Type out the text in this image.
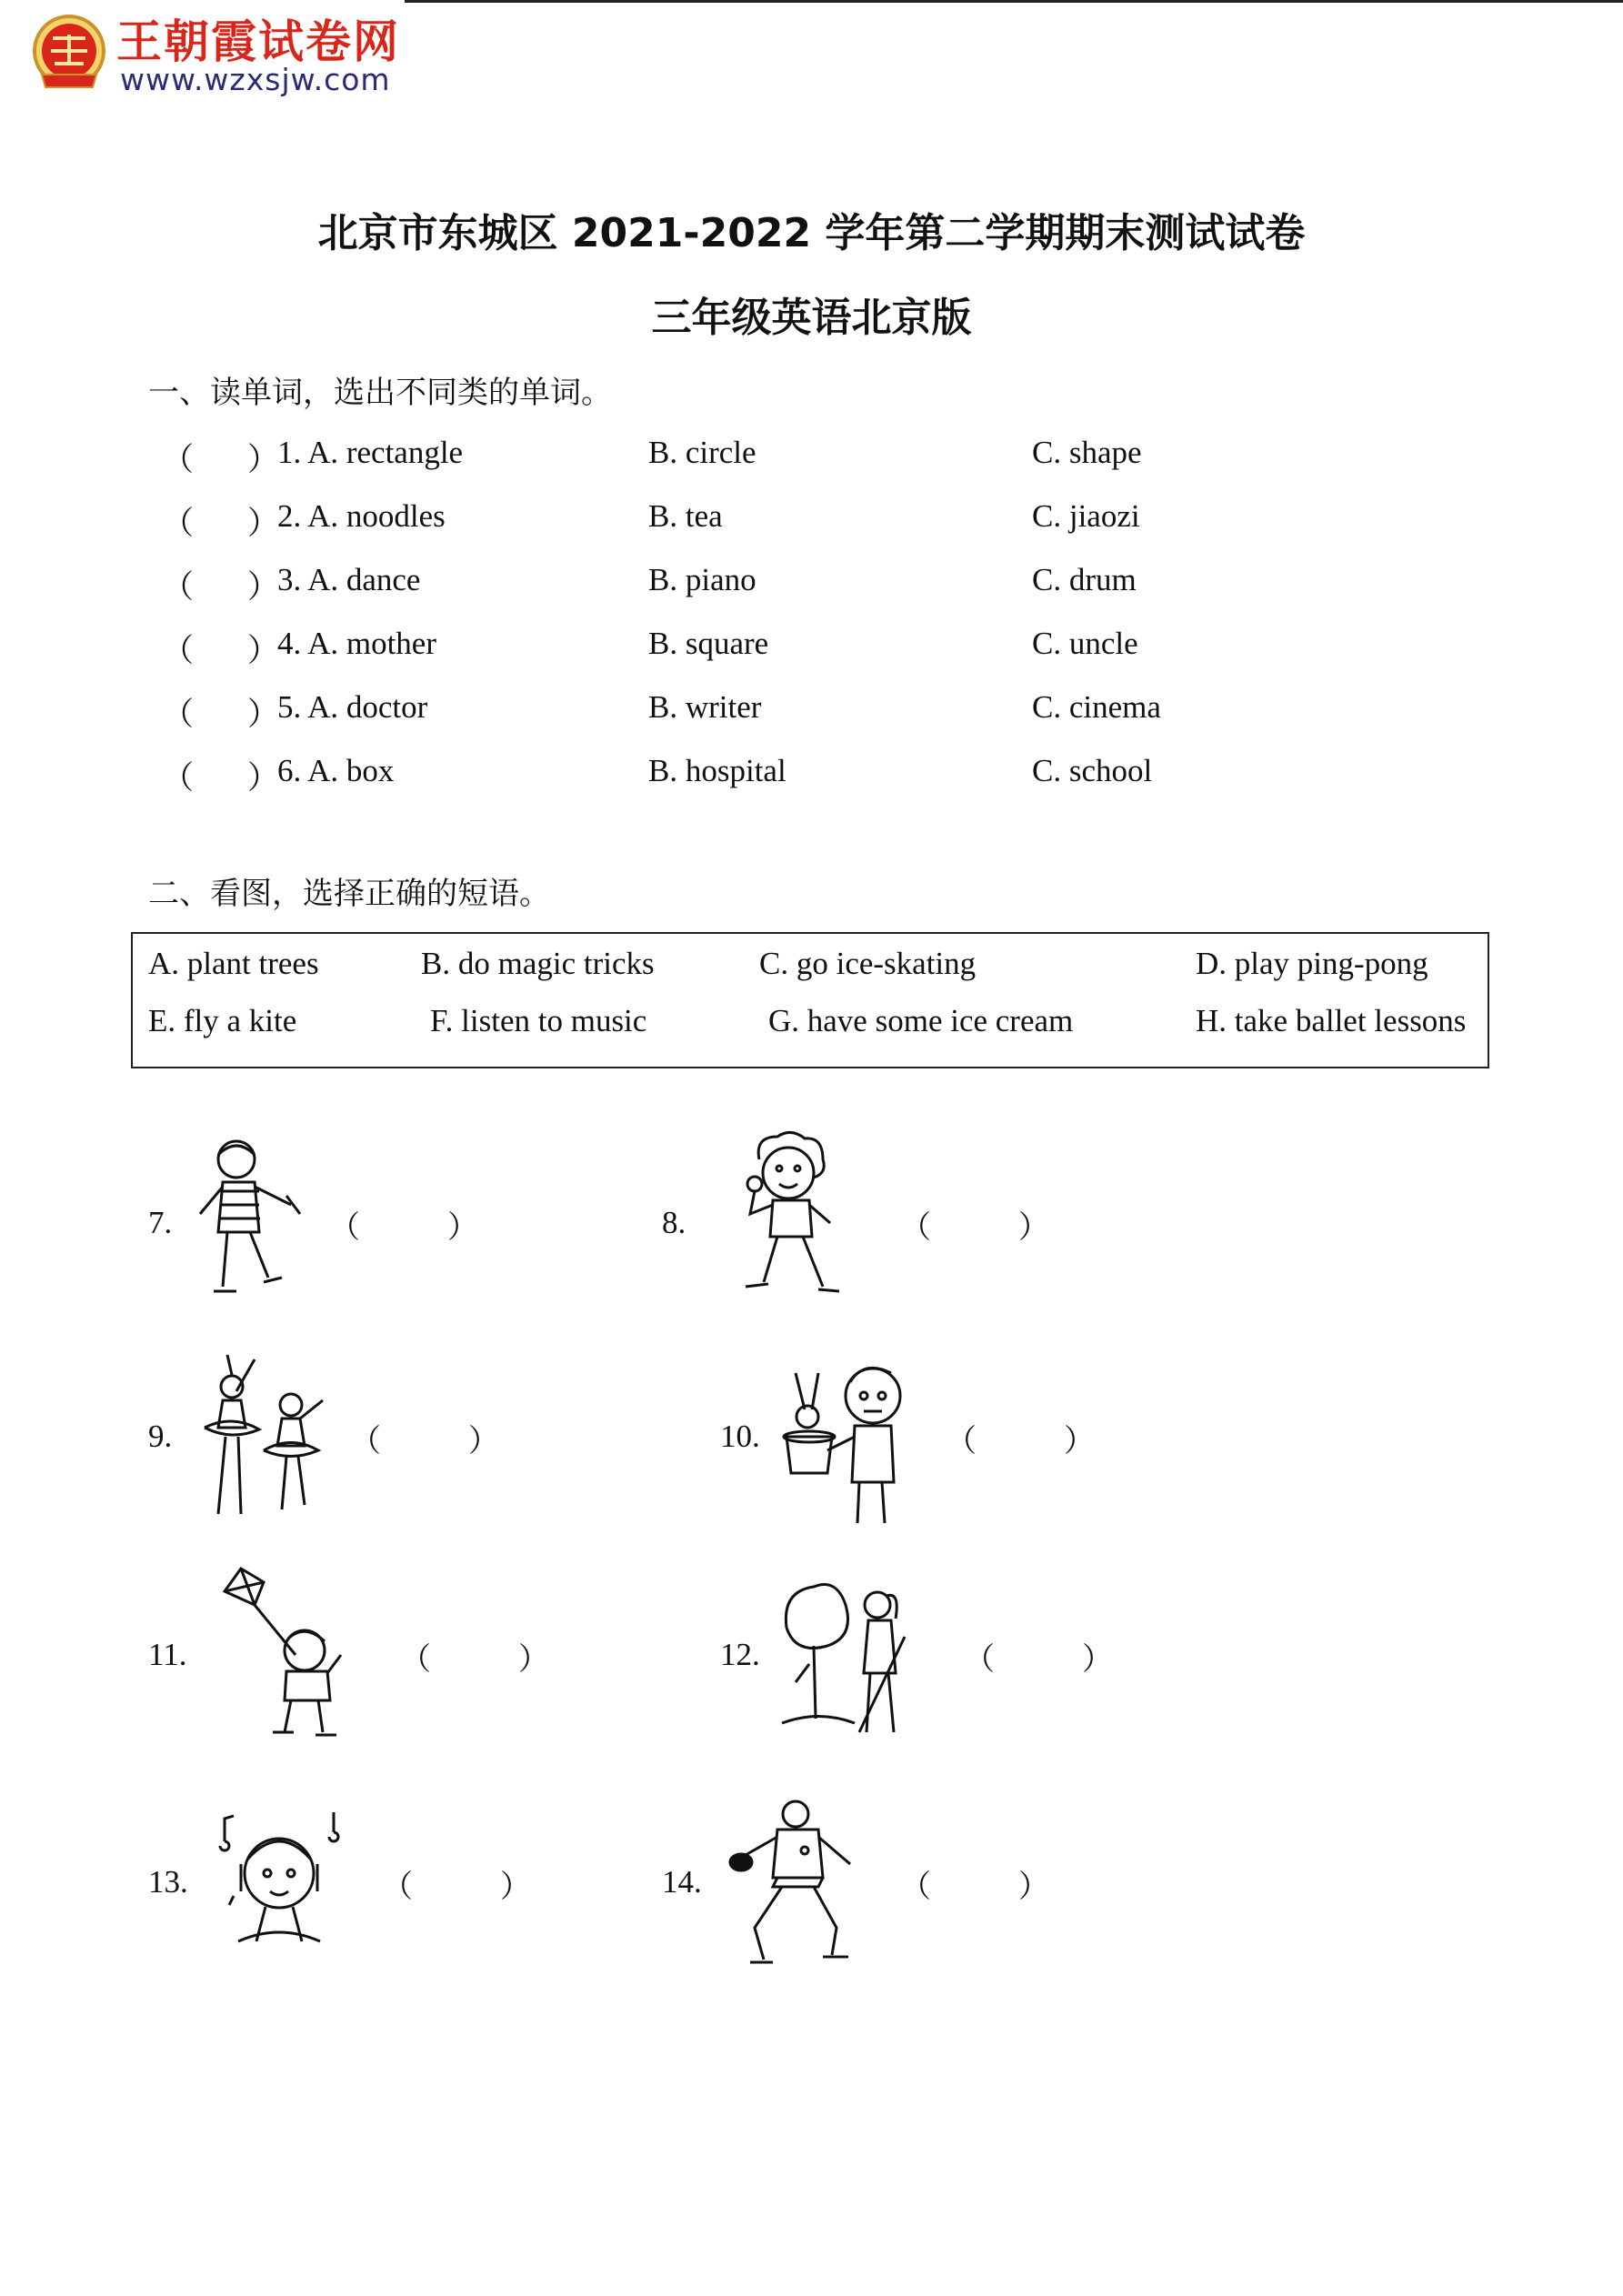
王朝霞试卷网
www.wzxsjw.com
北京市东城区 2021-2022 学年第二学期期末测试试卷
三年级英语北京版
一、读单词，选出不同类的单词。
（ ）
1. A. rectangle	B. circle	C. shape
（ ）
2. A. noodles	B. tea	C. jiaozi
（ ）
3. A. dance	B. piano	C. drum
（ ）
4. A. mother	B. square	C. uncle
（ ）
5. A. doctor	B. writer	C. cinema
（ ）
6. A. box	B. hospital	C. school
二、看图，选择正确的短语。
A. plant trees	B. do magic tricks	C. go ice-skating	D. play ping-pong
E. fly a kite	F. listen to music	G. have some ice cream	H. take ballet lessons
7.	（	）	8.	（	）
9.	（	）	10.	（	）
11.	（	）	12.	（	）
13.	（	）	14.	（	）
